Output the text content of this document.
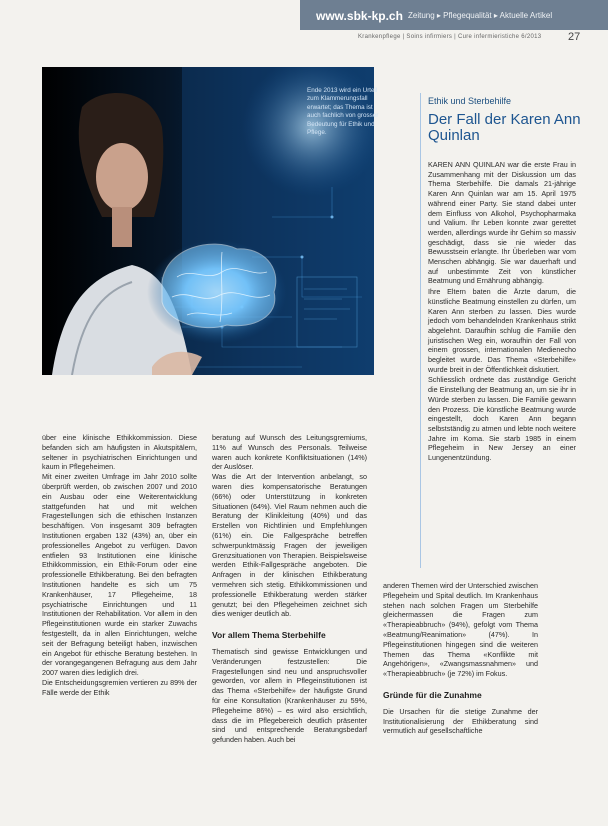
www.sbk-kp.ch Zeitung ▸ Pflegequalität ▸ Aktuelle Artikel
Krankenpflege | Soins infirmiers | Cure infermieristiche 6/2013 27
Ende 2013 wird ein Urteil zum Klammerungsfall erwartet; das Thema ist auch fachlich von grosser Bedeutung für Ethik und Pflege.
Ethik und Sterbehilfe
Der Fall der Karen Ann Quinlan

KAREN ANN QUINLAN war die erste Frau in Zusammenhang mit der Diskussion um das Thema Sterbehilfe. Die damals 21-jährige Karen Ann Quinlan war am 15. April 1975 während einer Party. Sie stand dabei unter dem Einfluss von Alkohol, Psychopharmaka und Valium. Ihr Leben konnte zwar gerettet werden, allerdings wurde ihr Gehirn so massiv geschädigt, dass sie nie wieder das Bewusstsein erlangte. Ihr Überleben war vom Menschen abhängig. Sie war dauerhaft und auf unbestimmte Zeit von künstlicher Beatmung und Ernährung abhängig.

Ihre Eltern baten die Ärzte darum, die künstliche Beatmung einstellen zu dürfen, um Karen Ann sterben zu lassen. Dies wurde jedoch vom behandelnden Krankenhaus strikt abgelehnt. Daraufhin schlug die Familie den juristischen Weg ein, woraufhin der Fall von einem grossen, internationalen Medienecho begleitet wurde. Das Thema «Sterbehilfe» wurde breit in der Öffentlichkeit diskutiert.

Schliesslich ordnete das zuständige Gericht die Einstellung der Beatmung an, um sie ihr in Würde sterben zu lassen. Die Familie gewann den Prozess. Die künstliche Beatmung wurde eingestellt, doch Karen Ann begann selbstständig zu atmen und lebte noch weitere Jahre im Koma. Sie starb 1985 in einem Pflegeheim in New Jersey an einer Lungenentzündung.

über eine klinische Ethikkommission. Diese befanden sich am häufigsten in Akutspitälern, seltener in psychiatrischen Einrichtungen und kaum in Pflegeheimen.

Mit einer zweiten Umfrage im Jahr 2010 sollte überprüft werden, ob zwischen 2007 und 2010 ein Ausbau oder eine Weiterentwicklung stattgefunden hat und mit welchen Fragestellungen sich die ethischen Instanzen beschäftigen. Von insgesamt 309 befragten Institutionen ergaben 132 (43%) an, über ein professionelles Angebot zu verfügen. Davon entfielen 93 Institutionen eine klinische Ethikkommission, ein Ethik-Forum oder eine professionelle Ethikberatung. Bei den befragten Institutionen handelte es sich um 75 Krankenhäuser, 17 Pflegeheime, 18 psychiatrische Einrichtungen und 11 Institutionen der Rehabilitation. Vor allem in den Pflegeinstitutionen wurde ein starker Zuwachs festgestellt, da in allen Einrichtungen, welche seit der Befragung beteiligt haben, inzwischen ein Angebot für ethische Beratung bestehen. In der vorangegangenen Befragung aus dem Jahr 2007 waren dies lediglich drei.

Die Entscheidungsgremien vertieren zu 89% der Fälle werde der Ethik

beratung auf Wunsch des Leitungsgremiums, 11% auf Wunsch des Personals. Teilweise waren auch konkrete Konfliktsituationen (14%) der Auslöser.

Was die Art der Intervention anbelangt, so waren dies kompensatorische Beratungen (66%) oder Unterstützung in konkreten Situationen (64%). Viel Raum nehmen auch die Beratung der Klinikleitung (40%) und das Erstellen von Richtlinien und Empfehlungen (61%) ein. Die Fallgespräche betreffen schwerpunktmässig Fragen der jeweiligen Grenzsituationen von Therapien. Beispielsweise werden Ethik-Fallgespräche angeboten. Die Anfragen in der klinischen Ethikberatung vermehren sich stetig. Ethikkommissionen und professionelle Ethikberatung werden stärker genutzt; bei den Pflegeheimen zeichnet sich dies weniger deutlich ab.

Vor allem Thema Sterbehilfe

Thematisch sind gewisse Entwicklungen und Veränderungen festzustellen: Die Fragestellungen sind neu und anspruchsvoller geworden, vor allem in Pflegeinstitutionen ist das Thema «Sterbehilfe» der häufigste Grund für eine Konsultation (Krankenhäuser zu 59%, Pflegeheime 86%) – es wird also ersichtlich, dass die im Pflegebereich deutlich präsenter sind und entsprechende Beratungsbedarf gefunden haben. Auch bei

anderen Themen wird der Unterschied zwischen Pflegeheim und Spital deutlich. Im Krankenhaus stehen nach solchen Fragen um Sterbehilfe gleichermassen die Fragen zum «Therapieabbruch» (94%), gefolgt vom Thema «Beatmung/Reanimation» (47%). In Pflegeinstitutionen hingegen sind die weiteren Themen das Thema «Konflikte mit Angehörigen», «Zwangsmassnahmen» und «Therapieabbruch» (je 72%) im Fokus.

Gründe für die Zunahme

Die Ursachen für die stetige Zunahme der Institutionalisierung der Ethikberatung sind vermutlich auf gesellschaftliche
